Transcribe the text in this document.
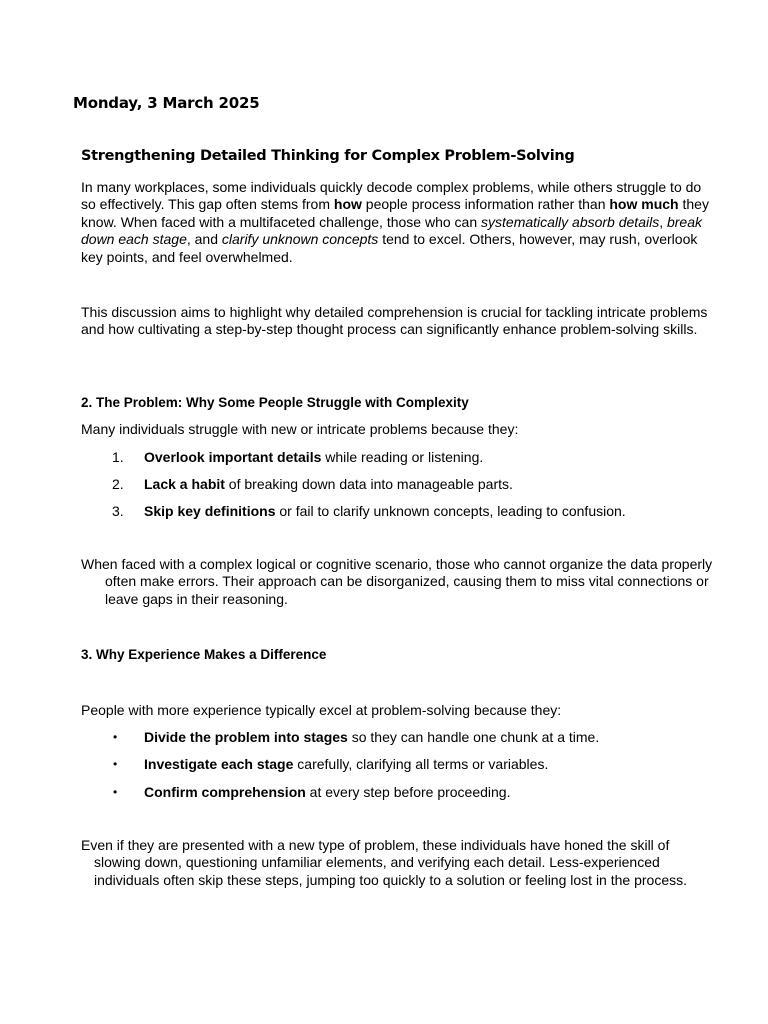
Monday, 3 March 2025
Strengthening Detailed Thinking for Complex Problem-Solving

In many workplaces, some individuals quickly decode complex problems, while others struggle to do so effectively. This gap often stems from how people process information rather than how much they know. When faced with a multifaceted challenge, those who can systematically absorb details, break down each stage, and clarify unknown concepts tend to excel. Others, however, may rush, overlook key points, and feel overwhelmed.

This discussion aims to highlight why detailed comprehension is crucial for tackling intricate problems and how cultivating a step-by-step thought process can significantly enhance problem-solving skills.

2. The Problem: Why Some People Struggle with Complexity

Many individuals struggle with new or intricate problems because they:

1. Overlook important details while reading or listening.
2. Lack a habit of breaking down data into manageable parts.
3. Skip key definitions or fail to clarify unknown concepts, leading to confusion.

When faced with a complex logical or cognitive scenario, those who cannot organize the data properly often make errors. Their approach can be disorganized, causing them to miss vital connections or leave gaps in their reasoning.

3. Why Experience Makes a Difference

People with more experience typically excel at problem-solving because they:

• Divide the problem into stages so they can handle one chunk at a time.
• Investigate each stage carefully, clarifying all terms or variables.
• Confirm comprehension at every step before proceeding.

Even if they are presented with a new type of problem, these individuals have honed the skill of slowing down, questioning unfamiliar elements, and verifying each detail. Less-experienced individuals often skip these steps, jumping too quickly to a solution or feeling lost in the process.
